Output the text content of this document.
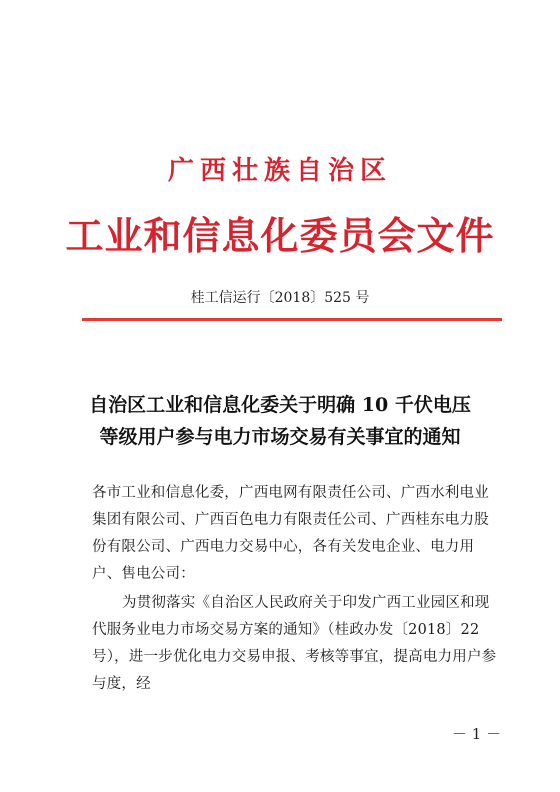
广西壮族自治区
工业和信息化委员会文件
桂工信运行〔2018〕525 号
自治区工业和信息化委关于明确 10 千伏电压
等级用户参与电力市场交易有关事宜的通知

各市工业和信息化委，广西电网有限责任公司、广西水利电业集团有限公司、广西百色电力有限责任公司、广西桂东电力股份有限公司、广西电力交易中心，各有关发电企业、电力用户、售电公司：

为贯彻落实《自治区人民政府关于印发广西工业园区和现代服务业电力市场交易方案的通知》（桂政办发〔2018〕22 号），进一步优化电力交易申报、考核等事宜，提高电力用户参与度，经

－ 1 －
